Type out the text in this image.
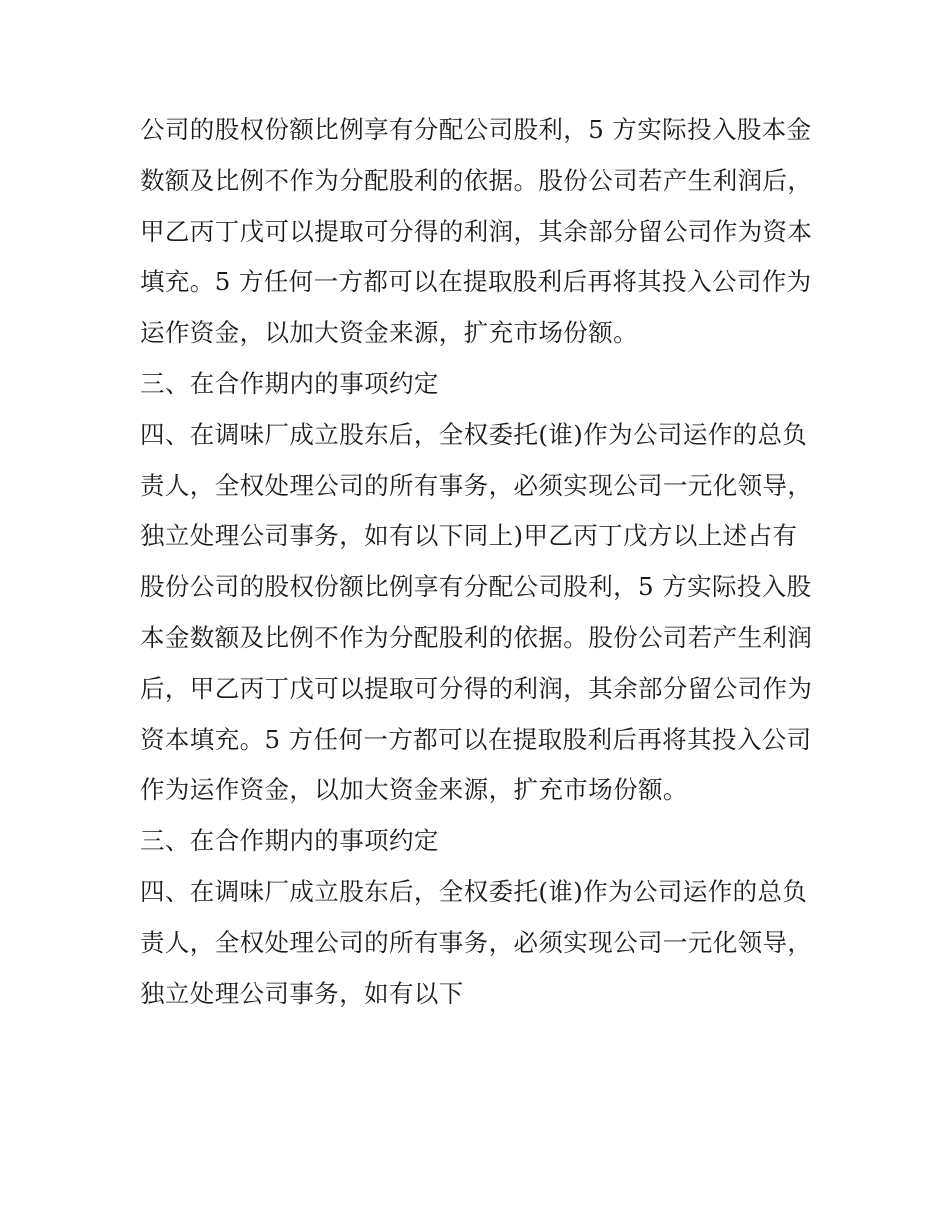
公司的股权份额比例享有分配公司股利，5 方实际投入股本金
数额及比例不作为分配股利的依据。股份公司若产生利润后，
甲乙丙丁戊可以提取可分得的利润，其余部分留公司作为资本
填充。5 方任何一方都可以在提取股利后再将其投入公司作为
运作资金，以加大资金来源，扩充市场份额。
三、在合作期内的事项约定
四、在调味厂成立股东后，全权委托(谁)作为公司运作的总负
责人，全权处理公司的所有事务，必须实现公司一元化领导，
独立处理公司事务，如有以下同上)甲乙丙丁戊方以上述占有
股份公司的股权份额比例享有分配公司股利，5 方实际投入股
本金数额及比例不作为分配股利的依据。股份公司若产生利润
后，甲乙丙丁戊可以提取可分得的利润，其余部分留公司作为
资本填充。5 方任何一方都可以在提取股利后再将其投入公司
作为运作资金，以加大资金来源，扩充市场份额。
三、在合作期内的事项约定
四、在调味厂成立股东后，全权委托(谁)作为公司运作的总负
责人，全权处理公司的所有事务，必须实现公司一元化领导，
独立处理公司事务，如有以下
